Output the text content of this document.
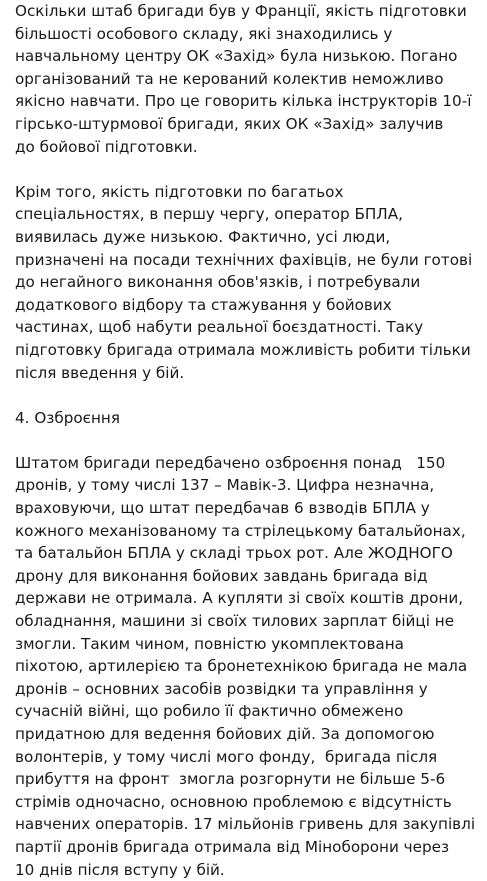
Оскільки штаб бригади був у Франції, якість підготовки
більшості особового складу, які знаходились у
навчальному центру ОК «Захід» була низькою. Погано
організований та не керований колектив неможливо
якісно навчати. Про це говорить кілька інструкторів 10-ї
гірсько-штурмової бригади, яких ОК «Захід» залучив
до бойової підготовки.
Крім того, якість підготовки по багатьох
спеціальностях, в першу чергу, оператор БПЛА,
виявилась дуже низькою. Фактично, усі люди,
призначені на посади технічних фахівців, не були готові
до негайного виконання обов'язків, і потребували
додаткового відбору та стажування у бойових
частинах, щоб набути реальної боєздатності. Таку
підготовку бригада отримала можливість робити тільки
після введення у бій.
4. Озброєння
Штатом бригади передбачено озброєння понад   150
дронів, у тому числі 137 – Мавік-3. Цифра незначна,
враховуючи, що штат передбачав 6 взводів БПЛА у
кожного механізованому та стрілецькому батальйонах,
та батальйон БПЛА у складі трьох рот. Але ЖОДНОГО
дрону для виконання бойових завдань бригада від
держави не отримала. А купляти зі своїх коштів дрони,
обладнання, машини зі своїх тилових зарплат бійці не
змогли. Таким чином, повністю укомплектована
піхотою, артилерією та бронетехнікою бригада не мала
дронів – основних засобів розвідки та управління у
сучасній війні, що робило її фактично обмежено
придатною для ведення бойових дій. За допомогою
волонтерів, у тому числі мого фонду,  бригада після
прибуття на фронт  змогла розгорнути не більше 5-6
стрімів одночасно, основною проблемою є відсутність
навчених операторів. 17 мільйонів гривень для закупівлі
партії дронів бригада отримала від Міноборони через
10 днів після вступу у бій.
